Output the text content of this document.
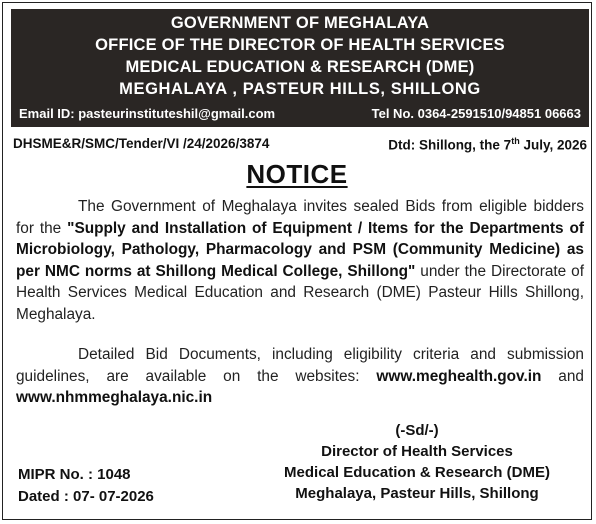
GOVERNMENT OF MEGHALAYA
OFFICE OF THE DIRECTOR OF HEALTH SERVICES
MEDICAL EDUCATION & RESEARCH (DME)
MEGHALAYA , PASTEUR HILLS, SHILLONG
Email ID: pasteurinstituteshil@gmail.com	Tel No. 0364-2591510/94851 06663
DHSME&R/SMC/Tender/VI /24/2026/3874	Dtd: Shillong, the 7th July, 2026
NOTICE
The Government of Meghalaya invites sealed Bids from eligible bidders for the "Supply and Installation of Equipment / Items for the Departments of Microbiology, Pathology, Pharmacology and PSM (Community Medicine) as per NMC norms at Shillong Medical College, Shillong" under the Directorate of Health Services Medical Education and Research (DME) Pasteur Hills Shillong, Meghalaya.
Detailed Bid Documents, including eligibility criteria and submission guidelines, are available on the websites: www.meghealth.gov.in and www.nhmmeghalaya.nic.in
(-Sd/-)
Director of Health Services
Medical Education & Research (DME)
Meghalaya, Pasteur Hills, Shillong
MIPR No. : 1048
Dated : 07- 07-2026
